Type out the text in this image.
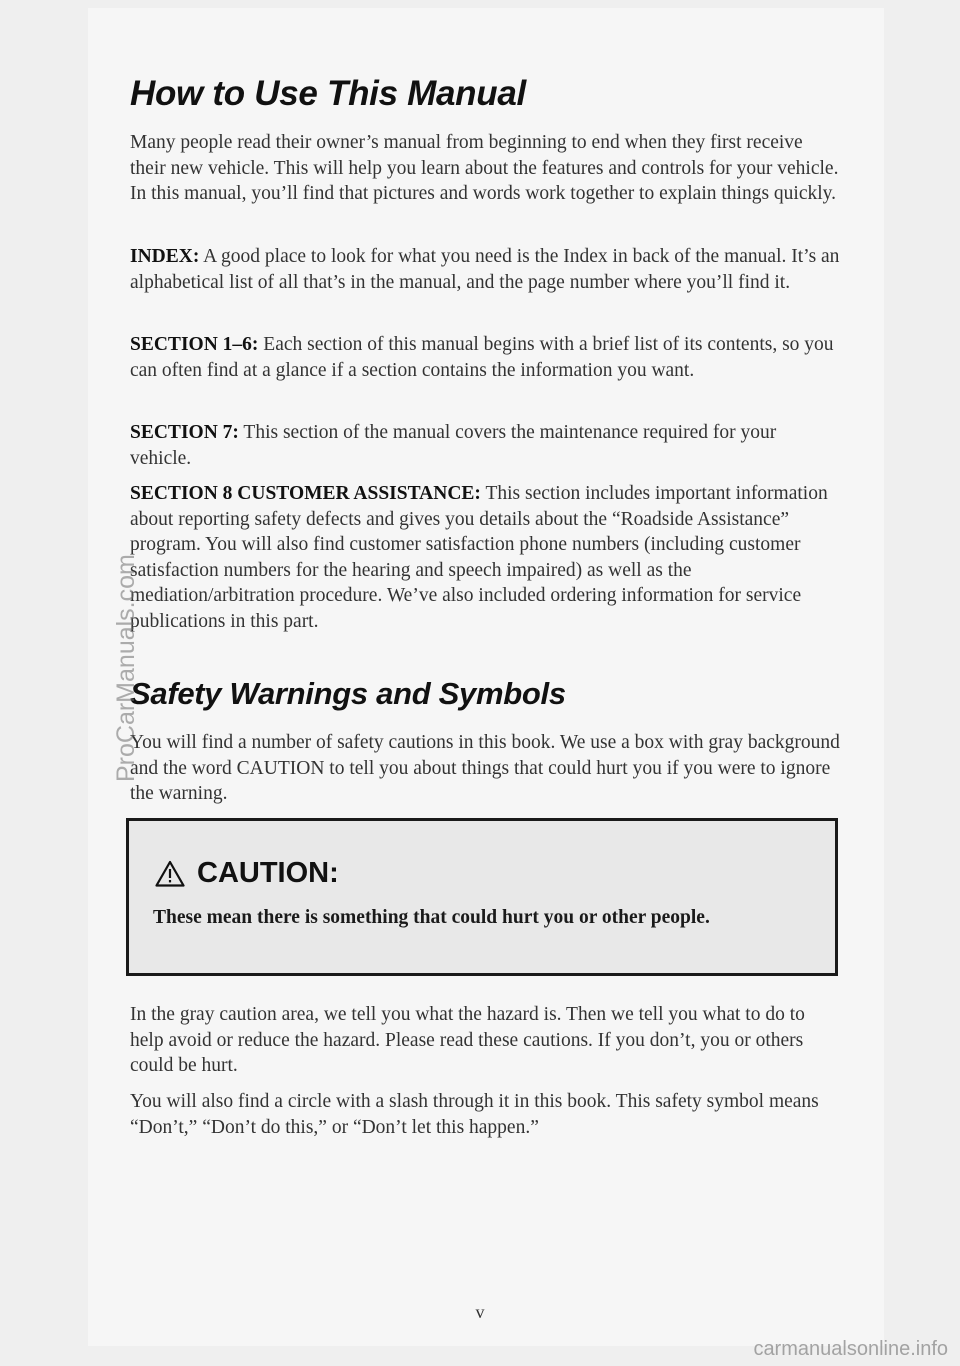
How to Use This Manual

Many people read their owner’s manual from beginning to end when they first receive their new vehicle. This will help you learn about the features and controls for your vehicle. In this manual, you’ll find that pictures and words work together to explain things quickly.

INDEX: A good place to look for what you need is the Index in back of the manual. It’s an alphabetical list of all that’s in the manual, and the page number where you’ll find it.

SECTION 1–6: Each section of this manual begins with a brief list of its contents, so you can often find at a glance if a section contains the information you want.

SECTION 7: This section of the manual covers the maintenance required for your vehicle.

SECTION 8 CUSTOMER ASSISTANCE: This section includes important information about reporting safety defects and gives you details about the “Roadside Assistance” program. You will also find customer satisfaction phone numbers (including customer satisfaction numbers for the hearing and speech impaired) as well as the mediation/arbitration procedure. We’ve also included ordering information for service publications in this part.

Safety Warnings and Symbols

You will find a number of safety cautions in this book. We use a box with gray background and the word CAUTION to tell you about things that could hurt you if you were to ignore the warning.

CAUTION:

These mean there is something that could hurt you or other people.

In the gray caution area, we tell you what the hazard is. Then we tell you what to do to help avoid or reduce the hazard. Please read these cautions. If you don’t, you or others could be hurt.

You will also find a circle with a slash through it in this book. This safety symbol means “Don’t,” “Don’t do this,” or “Don’t let this happen.”

v
ProCarManuals.com
carmanualsonline.info
